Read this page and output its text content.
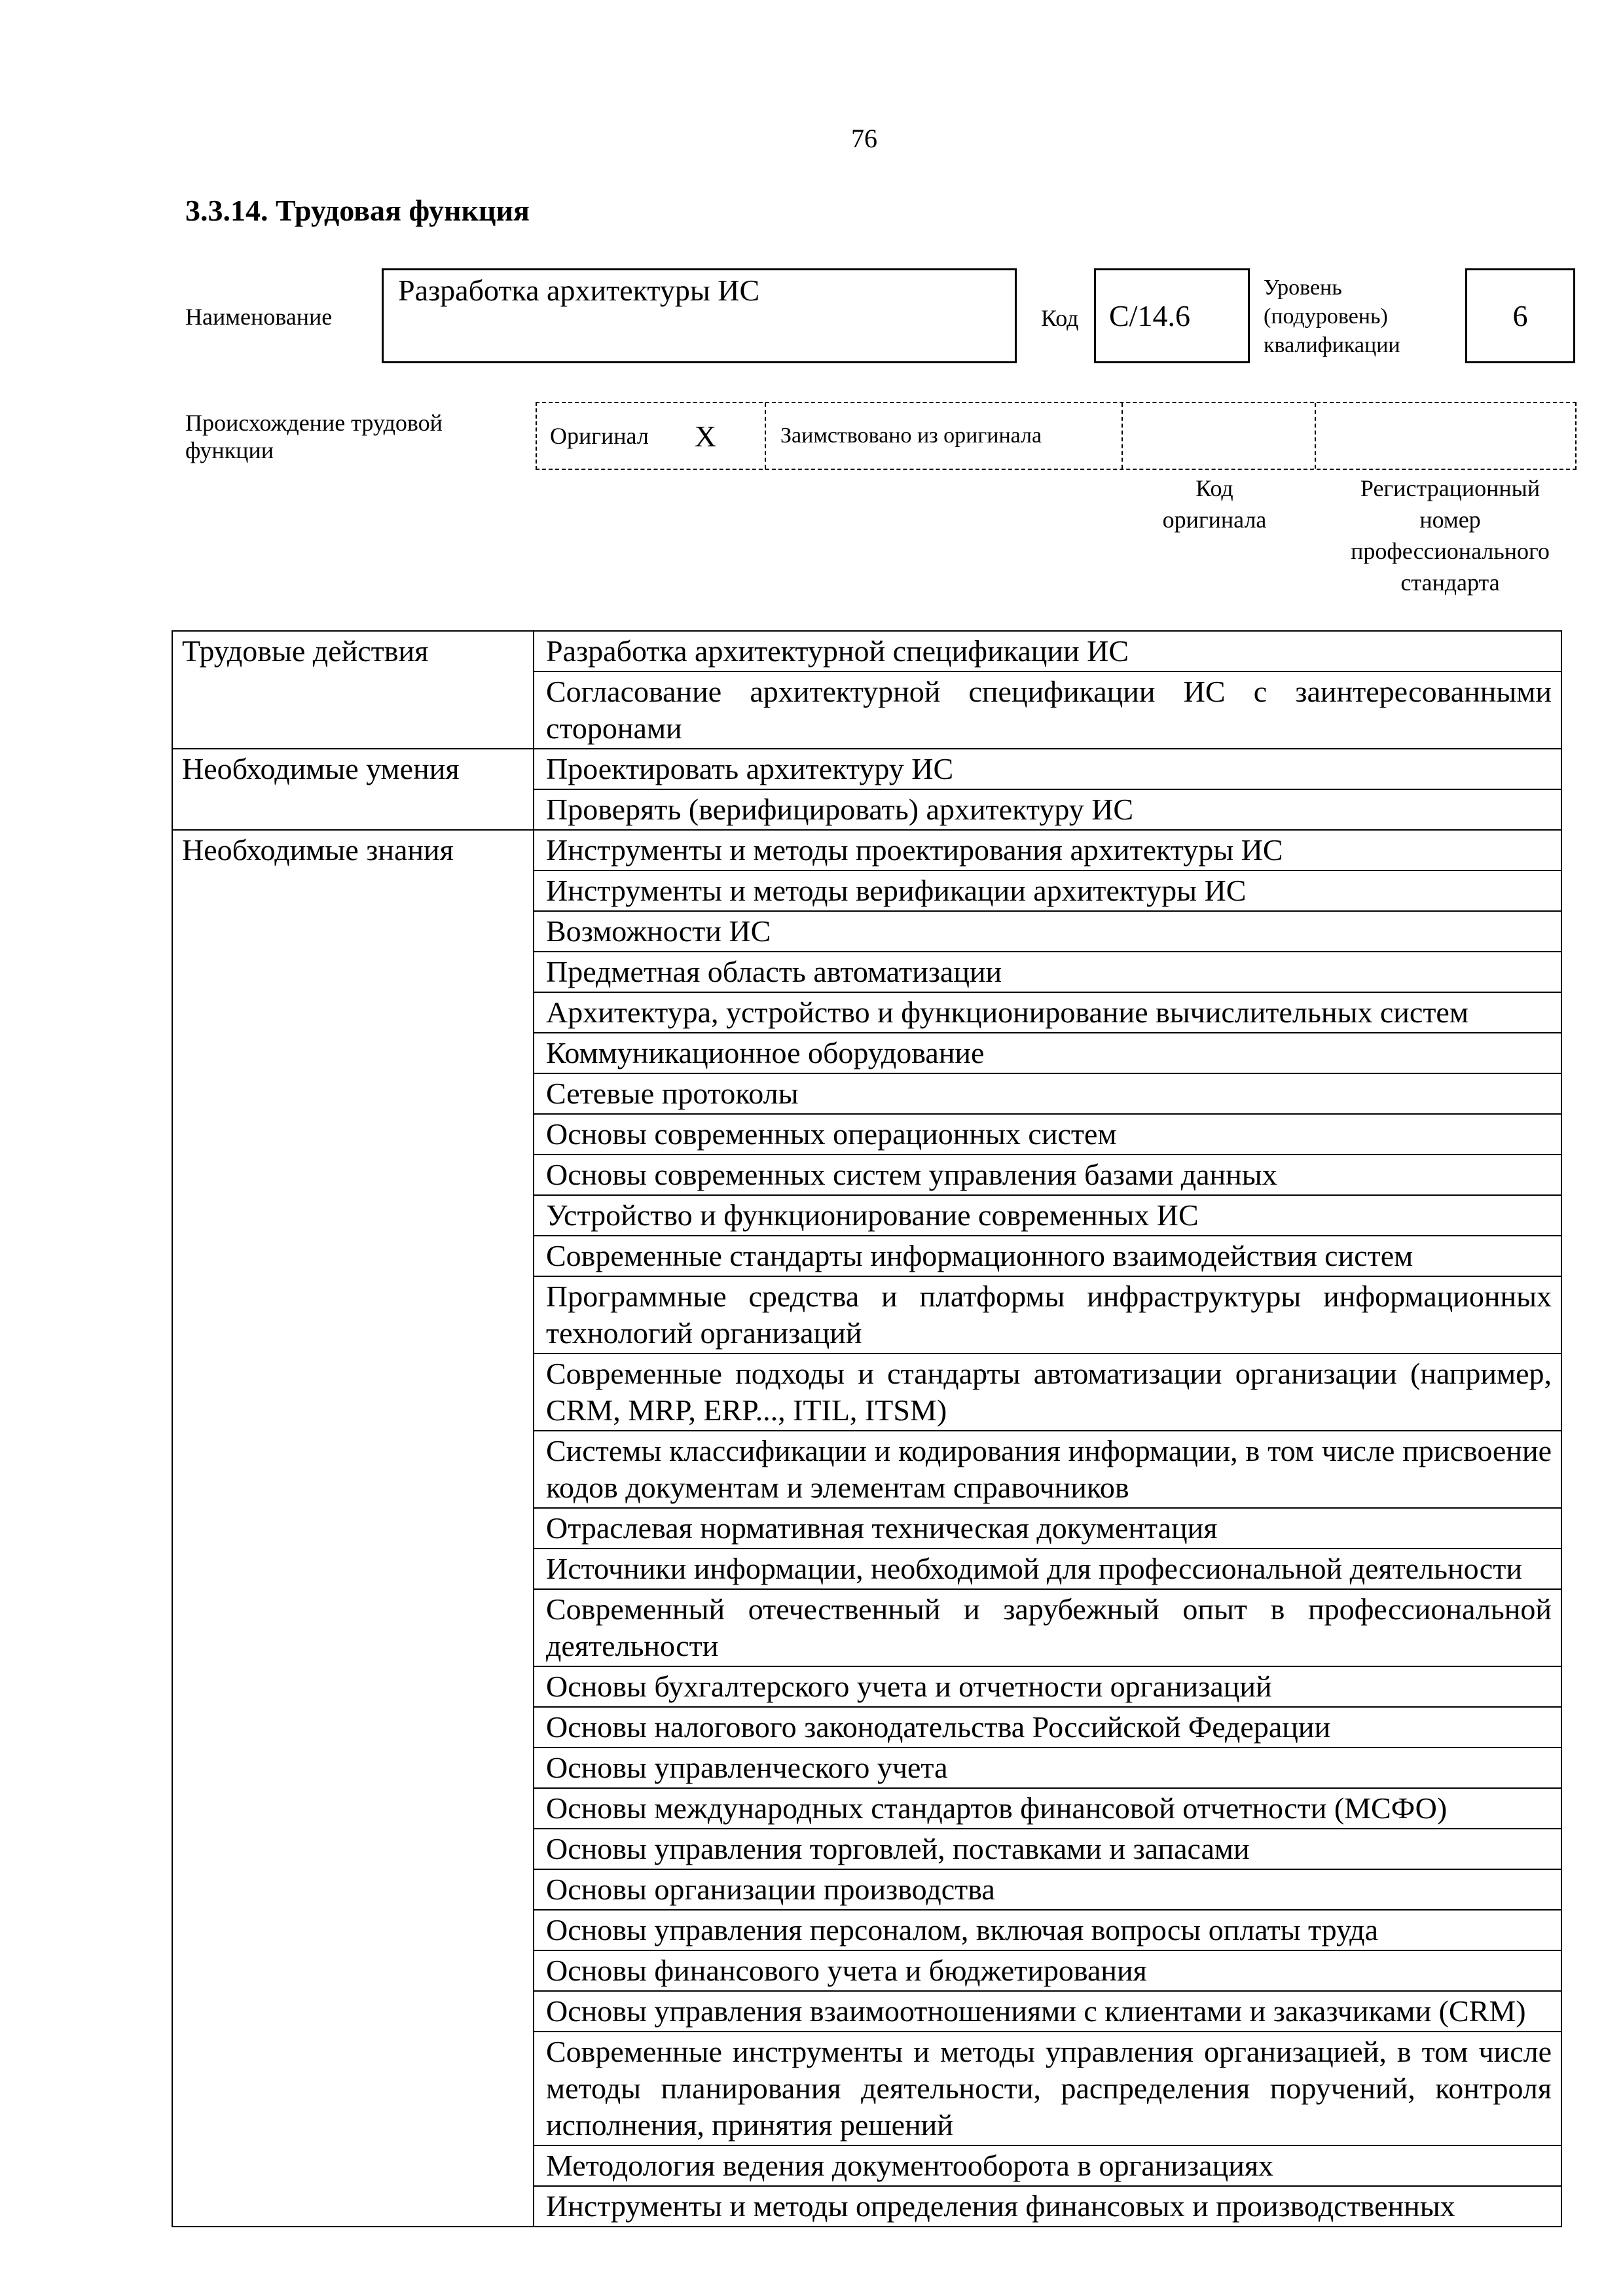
76
3.3.14. Трудовая функция
Наименование
Разработка архитектуры ИС
Код	C/14.6
Уровень
(подуровень)
квалификации
6
Происхождение трудовой
функции
Оригинал X	Заимствовано из оригинала
Код
оригинала
Регистрационный
номер
профессионального
стандарта
Трудовые действия	Разработка архитектурной спецификации ИС
	Согласование архитектурной спецификации ИС с заинтересованными сторонами
Необходимые умения	Проектировать архитектуру ИС
	Проверять (верифицировать) архитектуру ИС
Необходимые знания	Инструменты и методы проектирования архитектуры ИС
	Инструменты и методы верификации архитектуры ИС
	Возможности ИС
	Предметная область автоматизации
	Архитектура, устройство и функционирование вычислительных систем
	Коммуникационное оборудование
	Сетевые протоколы
	Основы современных операционных систем
	Основы современных систем управления базами данных
	Устройство и функционирование современных ИС
	Современные стандарты информационного взаимодействия систем
	Программные средства и платформы инфраструктуры информационных технологий организаций
	Современные подходы и стандарты автоматизации организации (например, CRM, MRP, ERP..., ITIL, ITSM)
	Системы классификации и кодирования информации, в том числе присвоение кодов документам и элементам справочников
	Отраслевая нормативная техническая документация
	Источники информации, необходимой для профессиональной деятельности
	Современный отечественный и зарубежный опыт в профессиональной деятельности
	Основы бухгалтерского учета и отчетности организаций
	Основы налогового законодательства Российской Федерации
	Основы управленческого учета
	Основы международных стандартов финансовой отчетности (МСФО)
	Основы управления торговлей, поставками и запасами
	Основы организации производства
	Основы управления персоналом, включая вопросы оплаты труда
	Основы финансового учета и бюджетирования
	Основы управления взаимоотношениями с клиентами и заказчиками (CRM)
	Современные инструменты и методы управления организацией, в том числе методы планирования деятельности, распределения поручений, контроля исполнения, принятия решений
	Методология ведения документооборота в организациях
	Инструменты и методы определения финансовых и производственных
